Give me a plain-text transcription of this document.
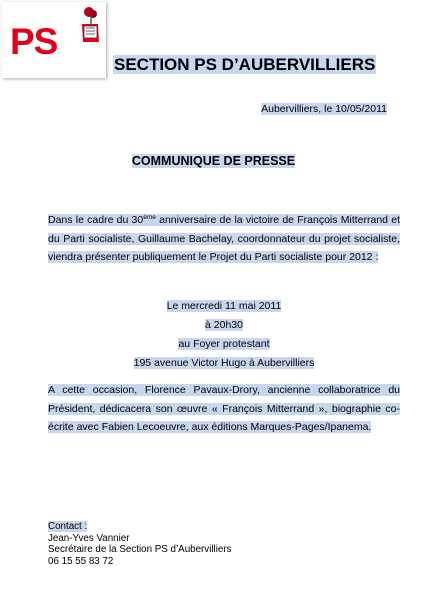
PS
SECTION PS D’AUBERVILLIERS
Aubervilliers, le 10/05/2011
COMMUNIQUE DE PRESSE
Dans le cadre du 30ème anniversaire de la victoire de François Mitterrand et du Parti socialiste, Guillaume Bachelay, coordonnateur du projet socialiste, viendra présenter publiquement le Projet du Parti socialiste pour 2012 :
Le mercredi 11 mai 2011
à 20h30
au Foyer protestant
195 avenue Victor Hugo à Aubervilliers
A cette occasion, Florence Pavaux-Drory, ancienne collaboratrice du Président, dédicacera son œuvre « François Mitterrand », biographie co-écrite avec Fabien Lecoeuvre, aux éditions Marques-Pages/Ipanema.
Contact :
Jean-Yves Vannier
Secrétaire de la Section PS d’Aubervilliers
06 15 55 83 72
